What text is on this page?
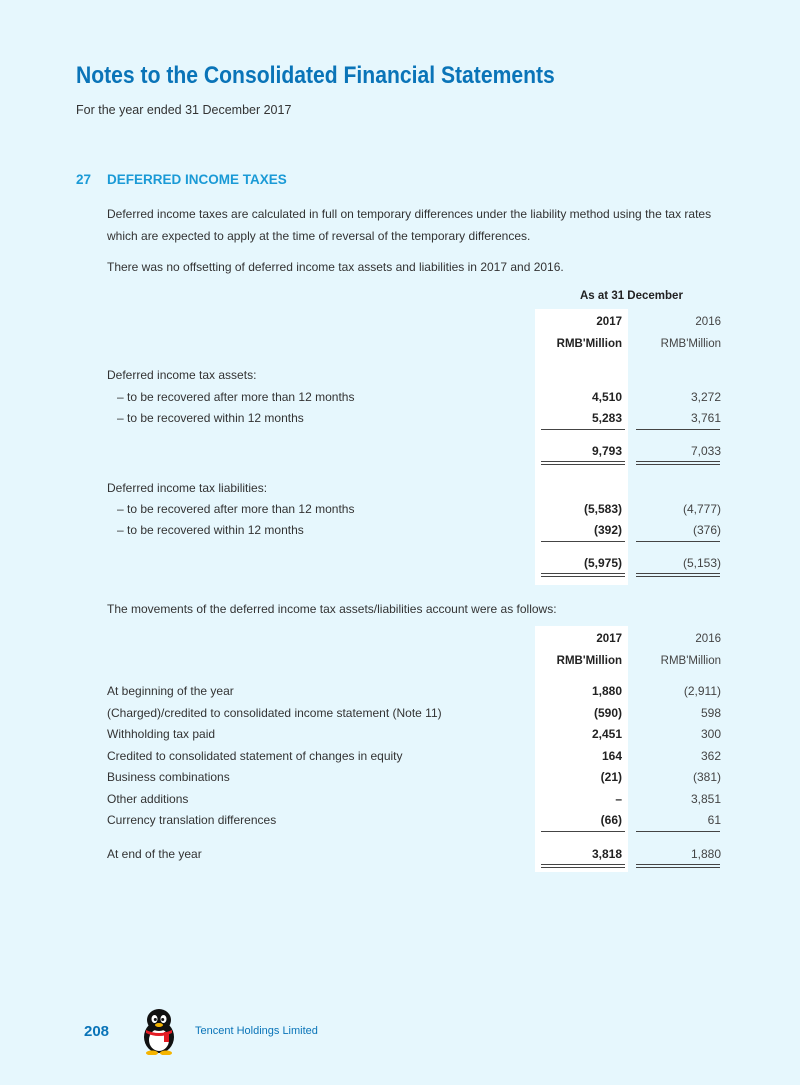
Notes to the Consolidated Financial Statements
For the year ended 31 December 2017
27 DEFERRED INCOME TAXES
Deferred income taxes are calculated in full on temporary differences under the liability method using the tax rates which are expected to apply at the time of reversal of the temporary differences.
There was no offsetting of deferred income tax assets and liabilities in 2017 and 2016.
As at 31 December
2017	2016
RMB'Million	RMB'Million
Deferred income tax assets:
– to be recovered after more than 12 months	4,510	3,272
– to be recovered within 12 months	5,283	3,761
9,793	7,033
Deferred income tax liabilities:
– to be recovered after more than 12 months	(5,583)	(4,777)
– to be recovered within 12 months	(392)	(376)
(5,975)	(5,153)
The movements of the deferred income tax assets/liabilities account were as follows:
2017	2016
RMB'Million	RMB'Million
At beginning of the year	1,880	(2,911)
(Charged)/credited to consolidated income statement (Note 11)	(590)	598
Withholding tax paid	2,451	300
Credited to consolidated statement of changes in equity	164	362
Business combinations	(21)	(381)
Other additions	–	3,851
Currency translation differences	(66)	61
At end of the year	3,818	1,880
208	Tencent Holdings Limited
